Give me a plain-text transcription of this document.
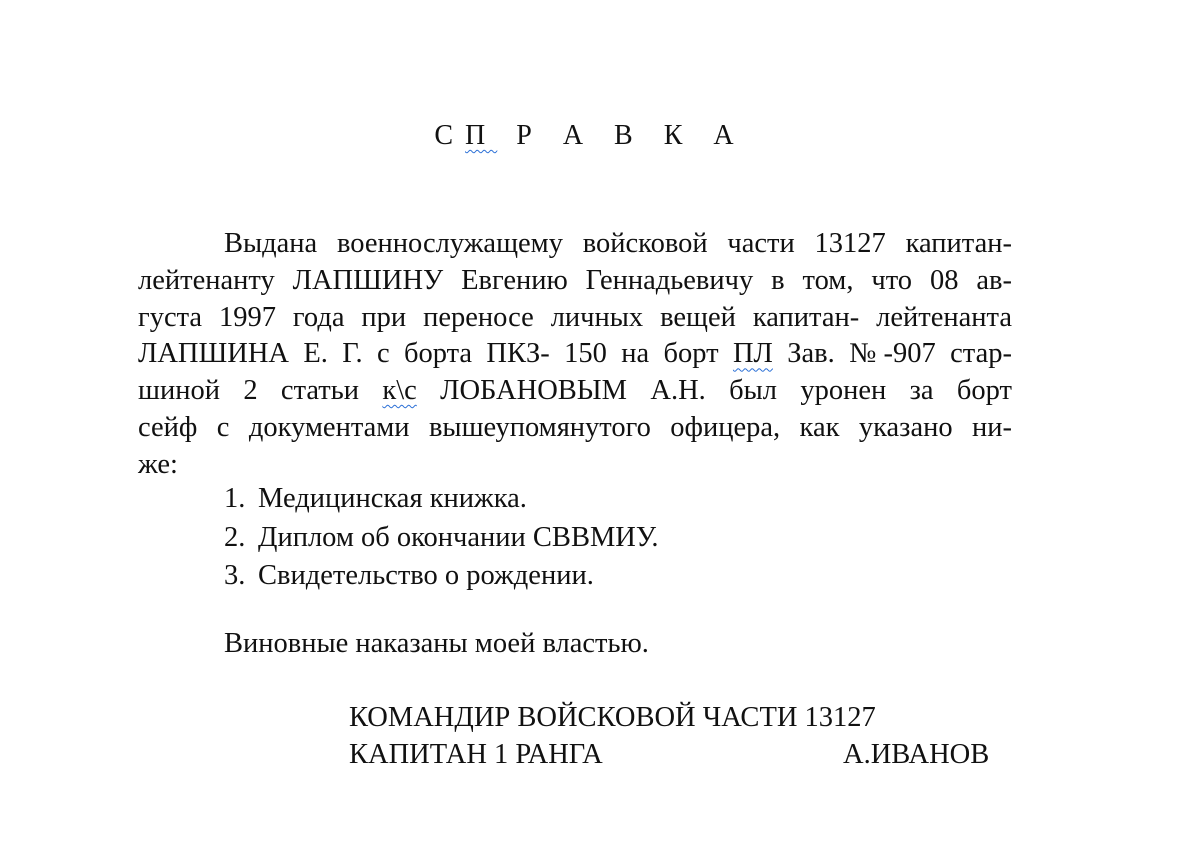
СП Р А В К А
Выдана военнослужащему войсковой части 13127 капитан-
лейтенанту ЛАПШИНУ Евгению Геннадьевичу в том, что 08 ав-
густа 1997 года при переносе личных вещей капитан- лейтенанта
ЛАПШИНА Е. Г. с борта ПКЗ- 150 на борт ПЛ Зав. №-907 стар-
шиной 2 статьи к\с ЛОБАНОВЫМ А.Н. был уронен за борт
сейф с документами вышеупомянутого офицера, как указано ни-
же:
1. Медицинская книжка.
2. Диплом об окончании СВВМИУ.
3. Свидетельство о рождении.
Виновные наказаны моей властью.
КОМАНДИР ВОЙСКОВОЙ ЧАСТИ 13127
КАПИТАН 1 РАНГА	А.ИВАНОВ
